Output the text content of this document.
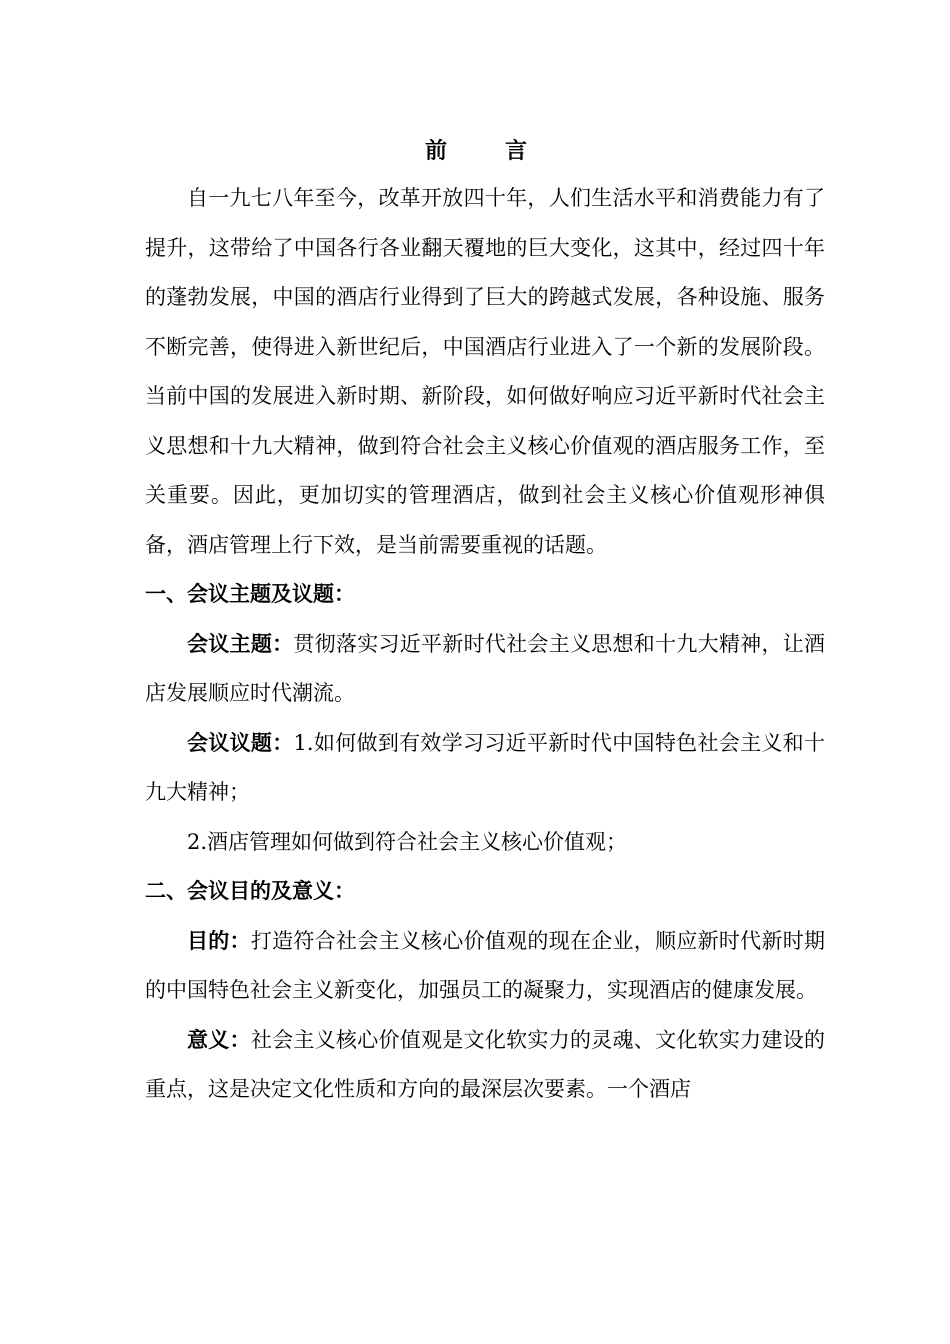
前　言

自一九七八年至今，改革开放四十年，人们生活水平和消费能力有了提升，这带给了中国各行各业翻天覆地的巨大变化，这其中，经过四十年的蓬勃发展，中国的酒店行业得到了巨大的跨越式发展，各种设施、服务不断完善，使得进入新世纪后，中国酒店行业进入了一个新的发展阶段。当前中国的发展进入新时期、新阶段，如何做好响应习近平新时代社会主义思想和十九大精神，做到符合社会主义核心价值观的酒店服务工作，至关重要。因此，更加切实的管理酒店，做到社会主义核心价值观形神俱备，酒店管理上行下效，是当前需要重视的话题。

一、会议主题及议题：

会议主题：贯彻落实习近平新时代社会主义思想和十九大精神，让酒店发展顺应时代潮流。

会议议题：1.如何做到有效学习习近平新时代中国特色社会主义和十九大精神；

2.酒店管理如何做到符合社会主义核心价值观；

二、会议目的及意义：

目的：打造符合社会主义核心价值观的现在企业，顺应新时代新时期的中国特色社会主义新变化，加强员工的凝聚力，实现酒店的健康发展。

意义：社会主义核心价值观是文化软实力的灵魂、文化软实力建设的重点，这是决定文化性质和方向的最深层次要素。一个酒店
